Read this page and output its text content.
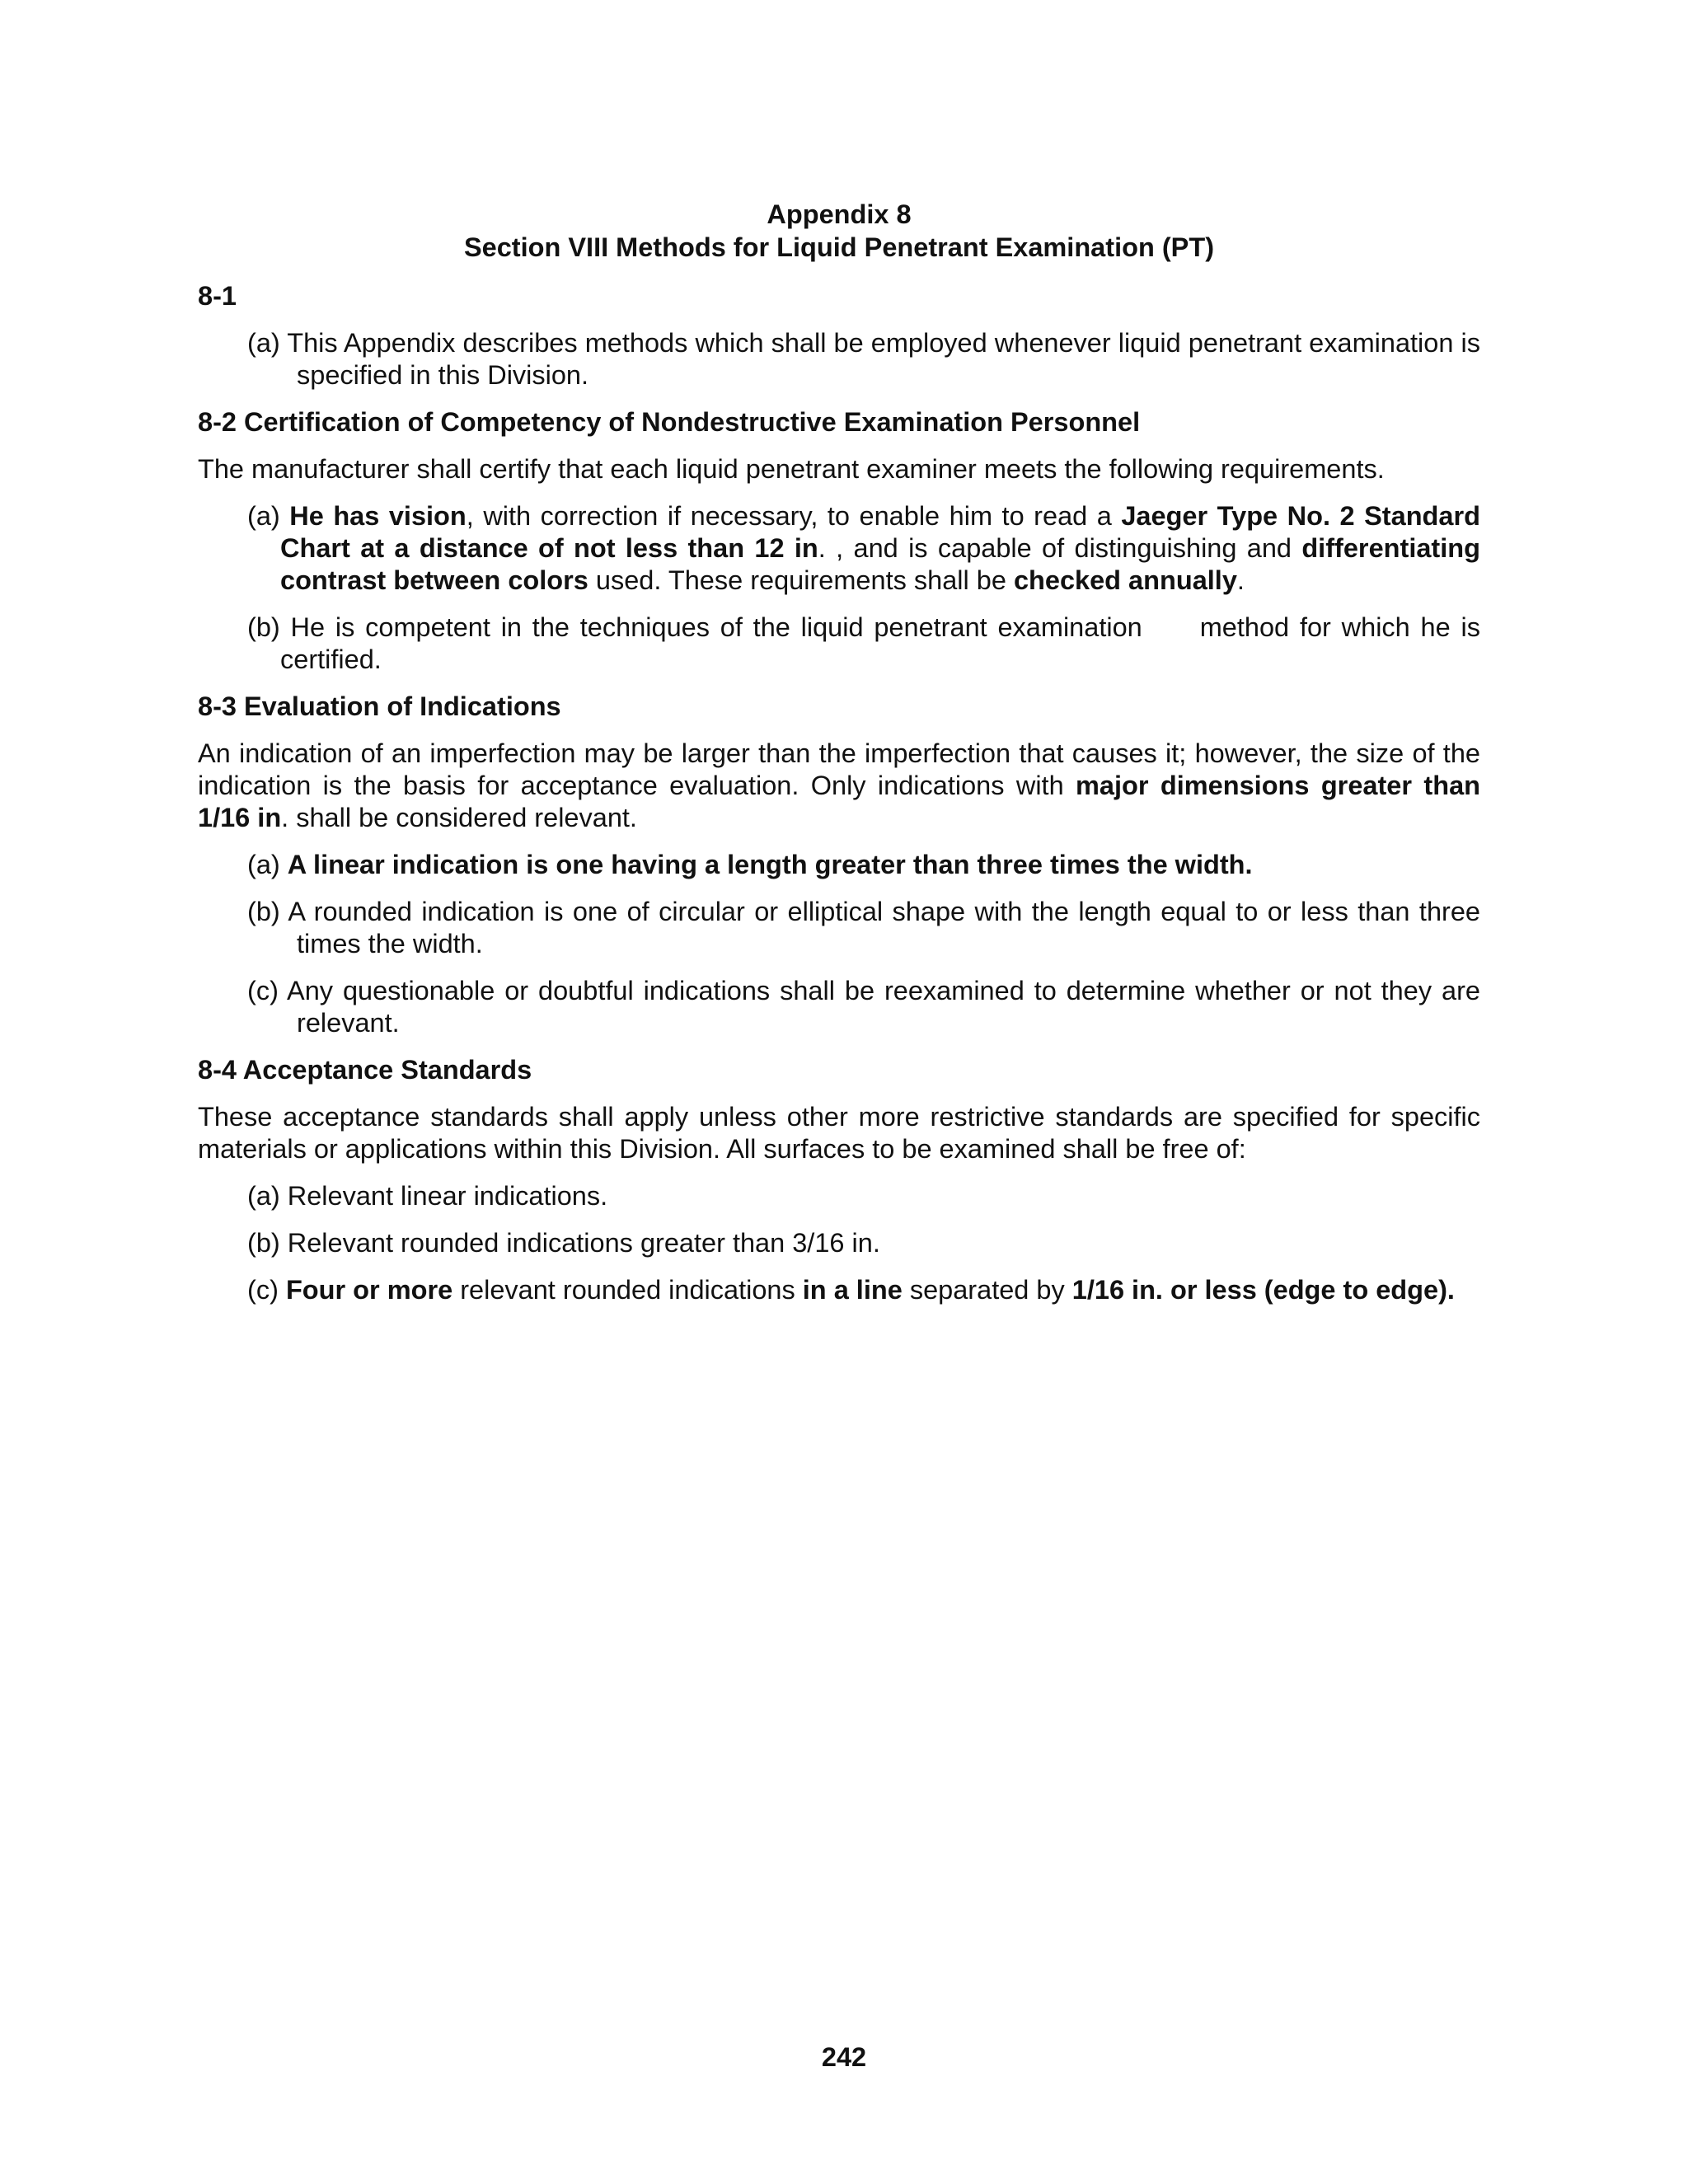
Appendix 8

Section VIII Methods for Liquid Penetrant Examination (PT)

8-1

(a) This Appendix describes methods which shall be employed whenever liquid penetrant examination is specified in this Division.

8-2 Certification of Competency of Nondestructive Examination Personnel

The manufacturer shall certify that each liquid penetrant examiner meets the following requirements.

(a) He has vision, with correction if necessary, to enable him to read a Jaeger Type No. 2 Standard Chart at a distance of not less than 12 in. , and is capable of distinguishing and differentiating contrast between colors used. These requirements shall be checked annually.

(b) He is competent in the techniques of the liquid penetrant examination method for which he is certified.

8-3 Evaluation of Indications

An indication of an imperfection may be larger than the imperfection that causes it; however, the size of the indication is the basis for acceptance evaluation. Only indications with major dimensions greater than 1/16 in. shall be considered relevant.

(a) A linear indication is one having a length greater than three times the width.

(b) A rounded indication is one of circular or elliptical shape with the length equal to or less than three times the width.

(c) Any questionable or doubtful indications shall be reexamined to determine whether or not they are relevant.

8-4 Acceptance Standards

These acceptance standards shall apply unless other more restrictive standards are specified for specific materials or applications within this Division. All surfaces to be examined shall be free of:

(a) Relevant linear indications.

(b) Relevant rounded indications greater than 3/16 in.

(c) Four or more relevant rounded indications in a line separated by 1/16 in. or less (edge to edge).

242
